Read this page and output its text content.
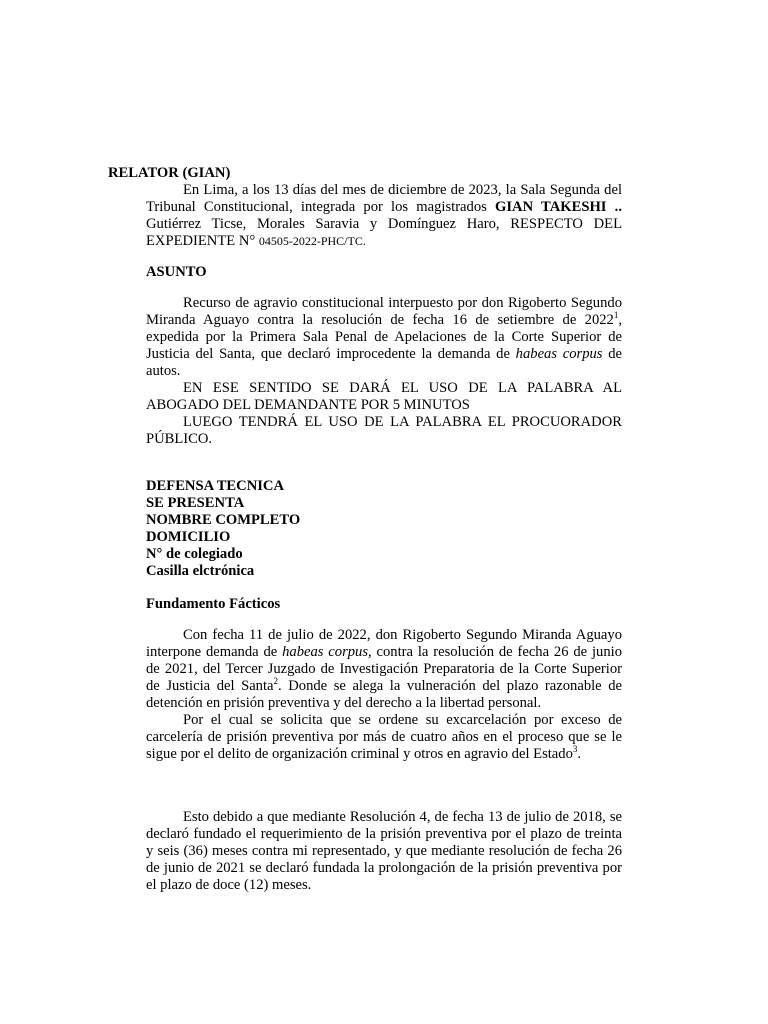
RELATOR (GIAN)

En Lima, a los 13 días del mes de diciembre de 2023, la Sala Segunda del Tribunal Constitucional, integrada por los magistrados GIAN TAKESHI .. Gutiérrez Ticse, Morales Saravia y Domínguez Haro, RESPECTO DEL EXPEDIENTE N° 04505-2022-PHC/TC.

ASUNTO

Recurso de agravio constitucional interpuesto por don Rigoberto Segundo Miranda Aguayo contra la resolución de fecha 16 de setiembre de 2022$^1$, expedida por la Primera Sala Penal de Apelaciones de la Corte Superior de Justicia del Santa, que declaró improcedente la demanda de habeas corpus de autos.

EN ESE SENTIDO SE DARÁ EL USO DE LA PALABRA AL ABOGADO DEL DEMANDANTE POR 5 MINUTOS

LUEGO TENDRÁ EL USO DE LA PALABRA EL PROCUORADOR PÚBLICO.

DEFENSA TECNICA
SE PRESENTA
NOMBRE COMPLETO
DOMICILIO
N° de colegiado
Casilla elctrónica
Fundamento Fácticos

Con fecha 11 de julio de 2022, don Rigoberto Segundo Miranda Aguayo interpone demanda de habeas corpus, contra la resolución de fecha 26 de junio de 2021, del Tercer Juzgado de Investigación Preparatoria de la Corte Superior de Justicia del Santa$^2$. Donde se alega la vulneración del plazo razonable de detención en prisión preventiva y del derecho a la libertad personal.

Por el cual se solicita que se ordene su excarcelación por exceso de carcelería de prisión preventiva por más de cuatro años en el proceso que se le sigue por el delito de organización criminal y otros en agravio del Estado$^3$.

Esto debido a que mediante Resolución 4, de fecha 13 de julio de 2018, se declaró fundado el requerimiento de la prisión preventiva por el plazo de treinta y seis (36) meses contra mi representado, y que mediante resolución de fecha 26 de junio de 2021 se declaró fundada la prolongación de la prisión preventiva por el plazo de doce (12) meses.
